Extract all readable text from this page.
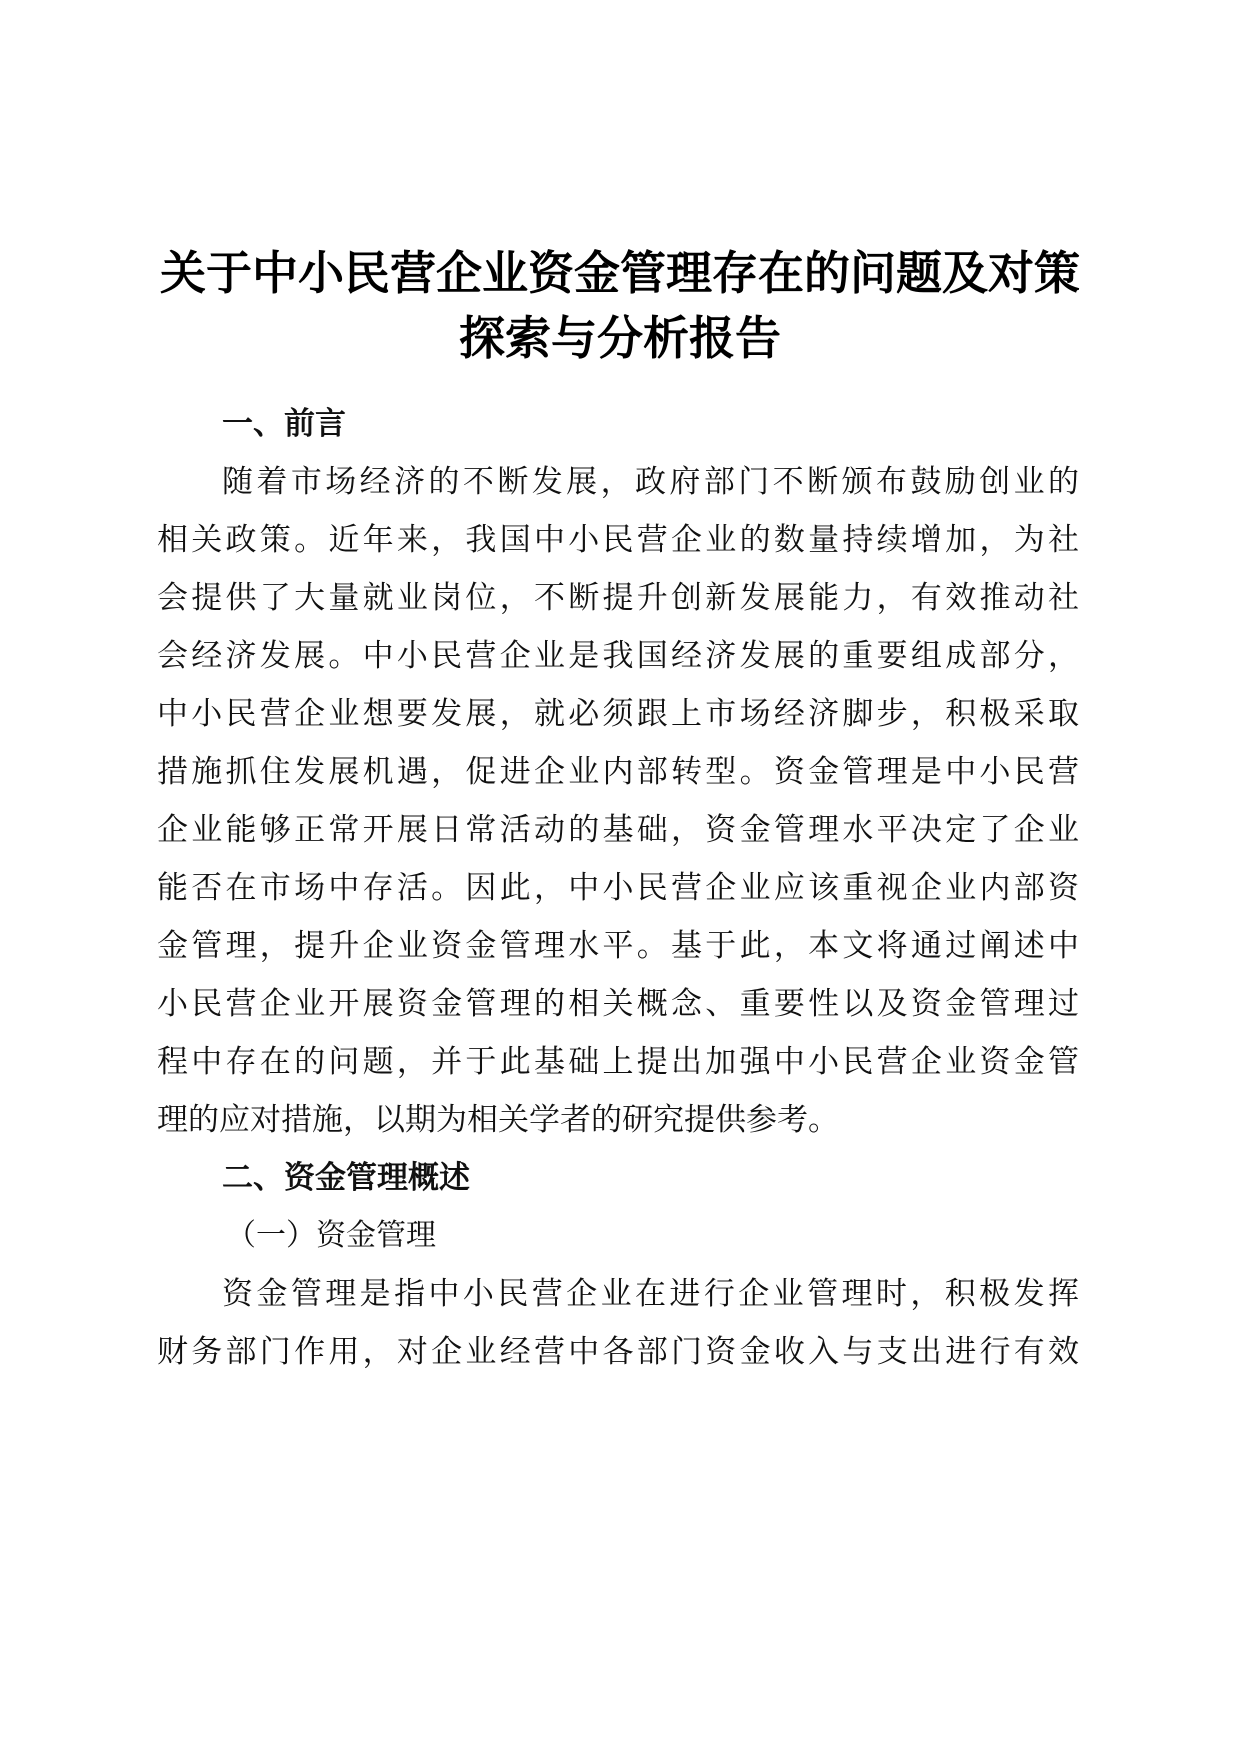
关于中小民营企业资金管理存在的问题及对策
探索与分析报告
一、前言
随着市场经济的不断发展，政府部门不断颁布鼓励创业的
相关政策。近年来，我国中小民营企业的数量持续增加，为社
会提供了大量就业岗位，不断提升创新发展能力，有效推动社
会经济发展。中小民营企业是我国经济发展的重要组成部分，
中小民营企业想要发展，就必须跟上市场经济脚步，积极采取
措施抓住发展机遇，促进企业内部转型。资金管理是中小民营
企业能够正常开展日常活动的基础，资金管理水平决定了企业
能否在市场中存活。因此，中小民营企业应该重视企业内部资
金管理，提升企业资金管理水平。基于此，本文将通过阐述中
小民营企业开展资金管理的相关概念、重要性以及资金管理过
程中存在的问题，并于此基础上提出加强中小民营企业资金管
理的应对措施，以期为相关学者的研究提供参考。
二、资金管理概述
（一）资金管理
资金管理是指中小民营企业在进行企业管理时，积极发挥
财务部门作用，对企业经营中各部门资金收入与支出进行有效
